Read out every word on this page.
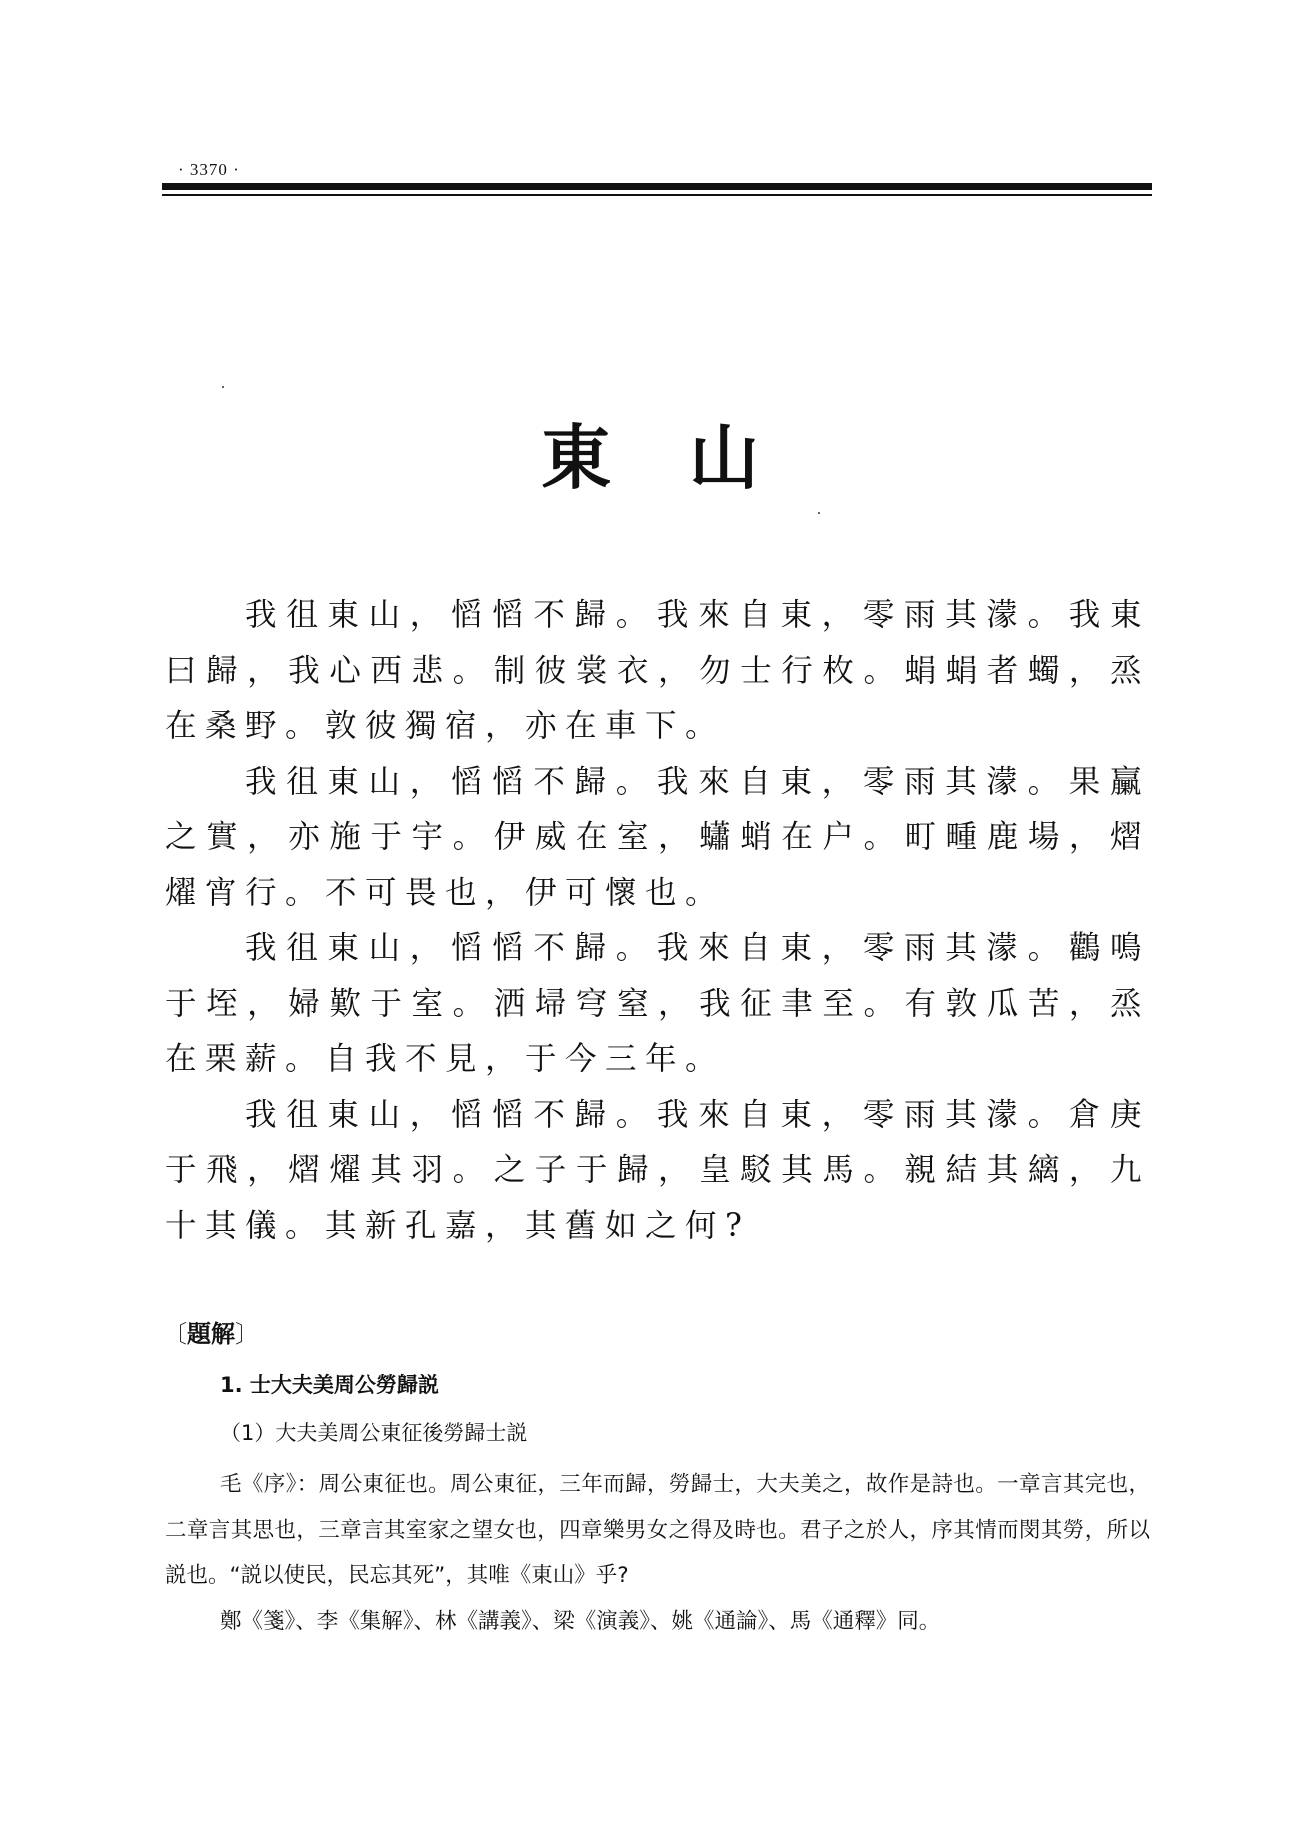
· 3370 ·
東 山

我徂東山，慆慆不歸。我來自東，零雨其濛。我東曰歸，我心西悲。制彼裳衣，勿士行枚。蜎蜎者蠋，烝在桑野。敦彼獨宿，亦在車下。

我徂東山，慆慆不歸。我來自東，零雨其濛。果臝之實，亦施于宇。伊威在室，蠨蛸在户。町畽鹿場，熠燿宵行。不可畏也，伊可懷也。

我徂東山，慆慆不歸。我來自東，零雨其濛。鸛鳴于垤，婦歎于室。洒埽穹窒，我征聿至。有敦瓜苦，烝在栗薪。自我不見，于今三年。

我徂東山，慆慆不歸。我來自東，零雨其濛。倉庚于飛，熠燿其羽。之子于歸，皇駁其馬。親結其縭，九十其儀。其新孔嘉，其舊如之何?

〔題解〕
1. 士大夫美周公勞歸説
（1）大夫美周公東征後勞歸士説

毛《序》：周公東征也。周公東征，三年而歸，勞歸士，大夫美之，故作是詩也。一章言其完也，二章言其思也，三章言其室家之望女也，四章樂男女之得及時也。君子之於人，序其情而閔其勞，所以説也。“説以使民，民忘其死”，其唯《東山》乎?

鄭《箋》、李《集解》、林《講義》、梁《演義》、姚《通論》、馬《通釋》同。
